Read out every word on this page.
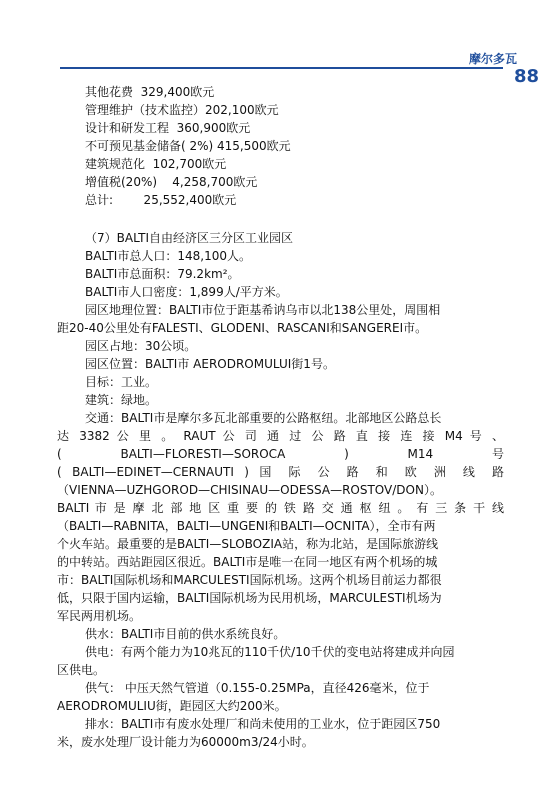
摩尔多瓦
88
其他花费  329,400欧元
管理维护（技术监控）202,100欧元
设计和研发工程  360,900欧元
不可预见基金储备( 2%) 415,500欧元
建筑规范化  102,700欧元
增值税(20%)    4,258,700欧元
总计:        25,552,400欧元
（7）BALTI自由经济区三分区工业园区
BALTI市总人口：148,100人。
BALTI市总面积：79.2km²。
BALTI市人口密度：1,899人/平方米。
园区地理位置：BALTI市位于距基希讷乌市以北138公里处，周围相
距20-40公里处有FALESTI、GLODENI、RASCANI和SANGEREI市。
园区占地：30公顷。
园区位置：BALTI市 AERODROMULUI街1号。
目标：工业。
建筑：绿地。
交通：BALTI市是摩尔多瓦北部重要的公路枢纽。北部地区公路总长
达 3382 公 里 。 RAUT 公 司 通 过 公 路 直 接 连 接 M4 号 、
( BALTI—FLORESTI—SOROCA ) M14 号
( BALTI—EDINET—CERNAUTI ) 国 际 公 路 和 欧 洲 线 路
（VIENNA—UZHGOROD—CHISINAU—ODESSA—ROSTOV/DON）。
BALTI 市 是 摩 北 部 地 区 重 要 的 铁 路 交 通 枢 纽 。 有 三 条 干 线
（BALTI—RABNITA，BALTI—UNGENI和BALTI—OCNITA），全市有两
个火车站。最重要的是BALTI—SLOBOZIA站，称为北站，是国际旅游线
的中转站。西站距园区很近。BALTI市是唯一在同一地区有两个机场的城
市：BALTI国际机场和MARCULESTI国际机场。这两个机场目前运力都很
低，只限于国内运输，BALTI国际机场为民用机场，MARCULESTI机场为
军民两用机场。
供水：BALTI市目前的供水系统良好。
供电：有两个能力为10兆瓦的110千伏/10千伏的变电站将建成并向园
区供电。
供气： 中压天然气管道（0.155-0.25MPa，直径426毫米，位于
AERODROMULIU街，距园区大约200米。
排水：BALTI市有废水处理厂和尚未使用的工业水，位于距园区750
米，废水处理厂设计能力为60000m3/24小时。
